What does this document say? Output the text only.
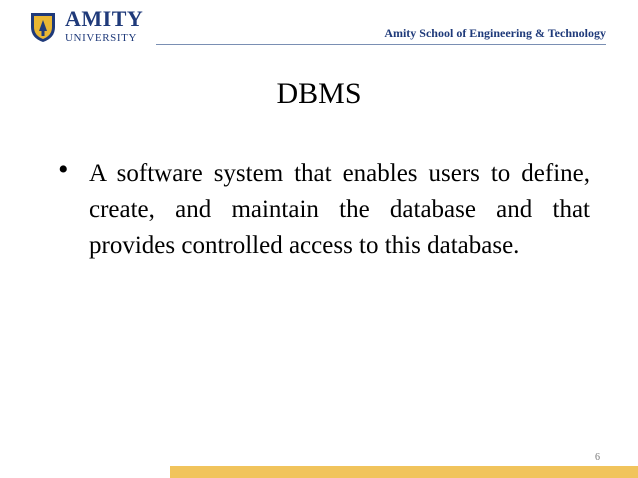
AMITY
UNIVERSITY	Amity School of Engineering & Technology
DBMS
• A software system that enables users to define, create, and maintain the database and that provides controlled access to this database.
6
